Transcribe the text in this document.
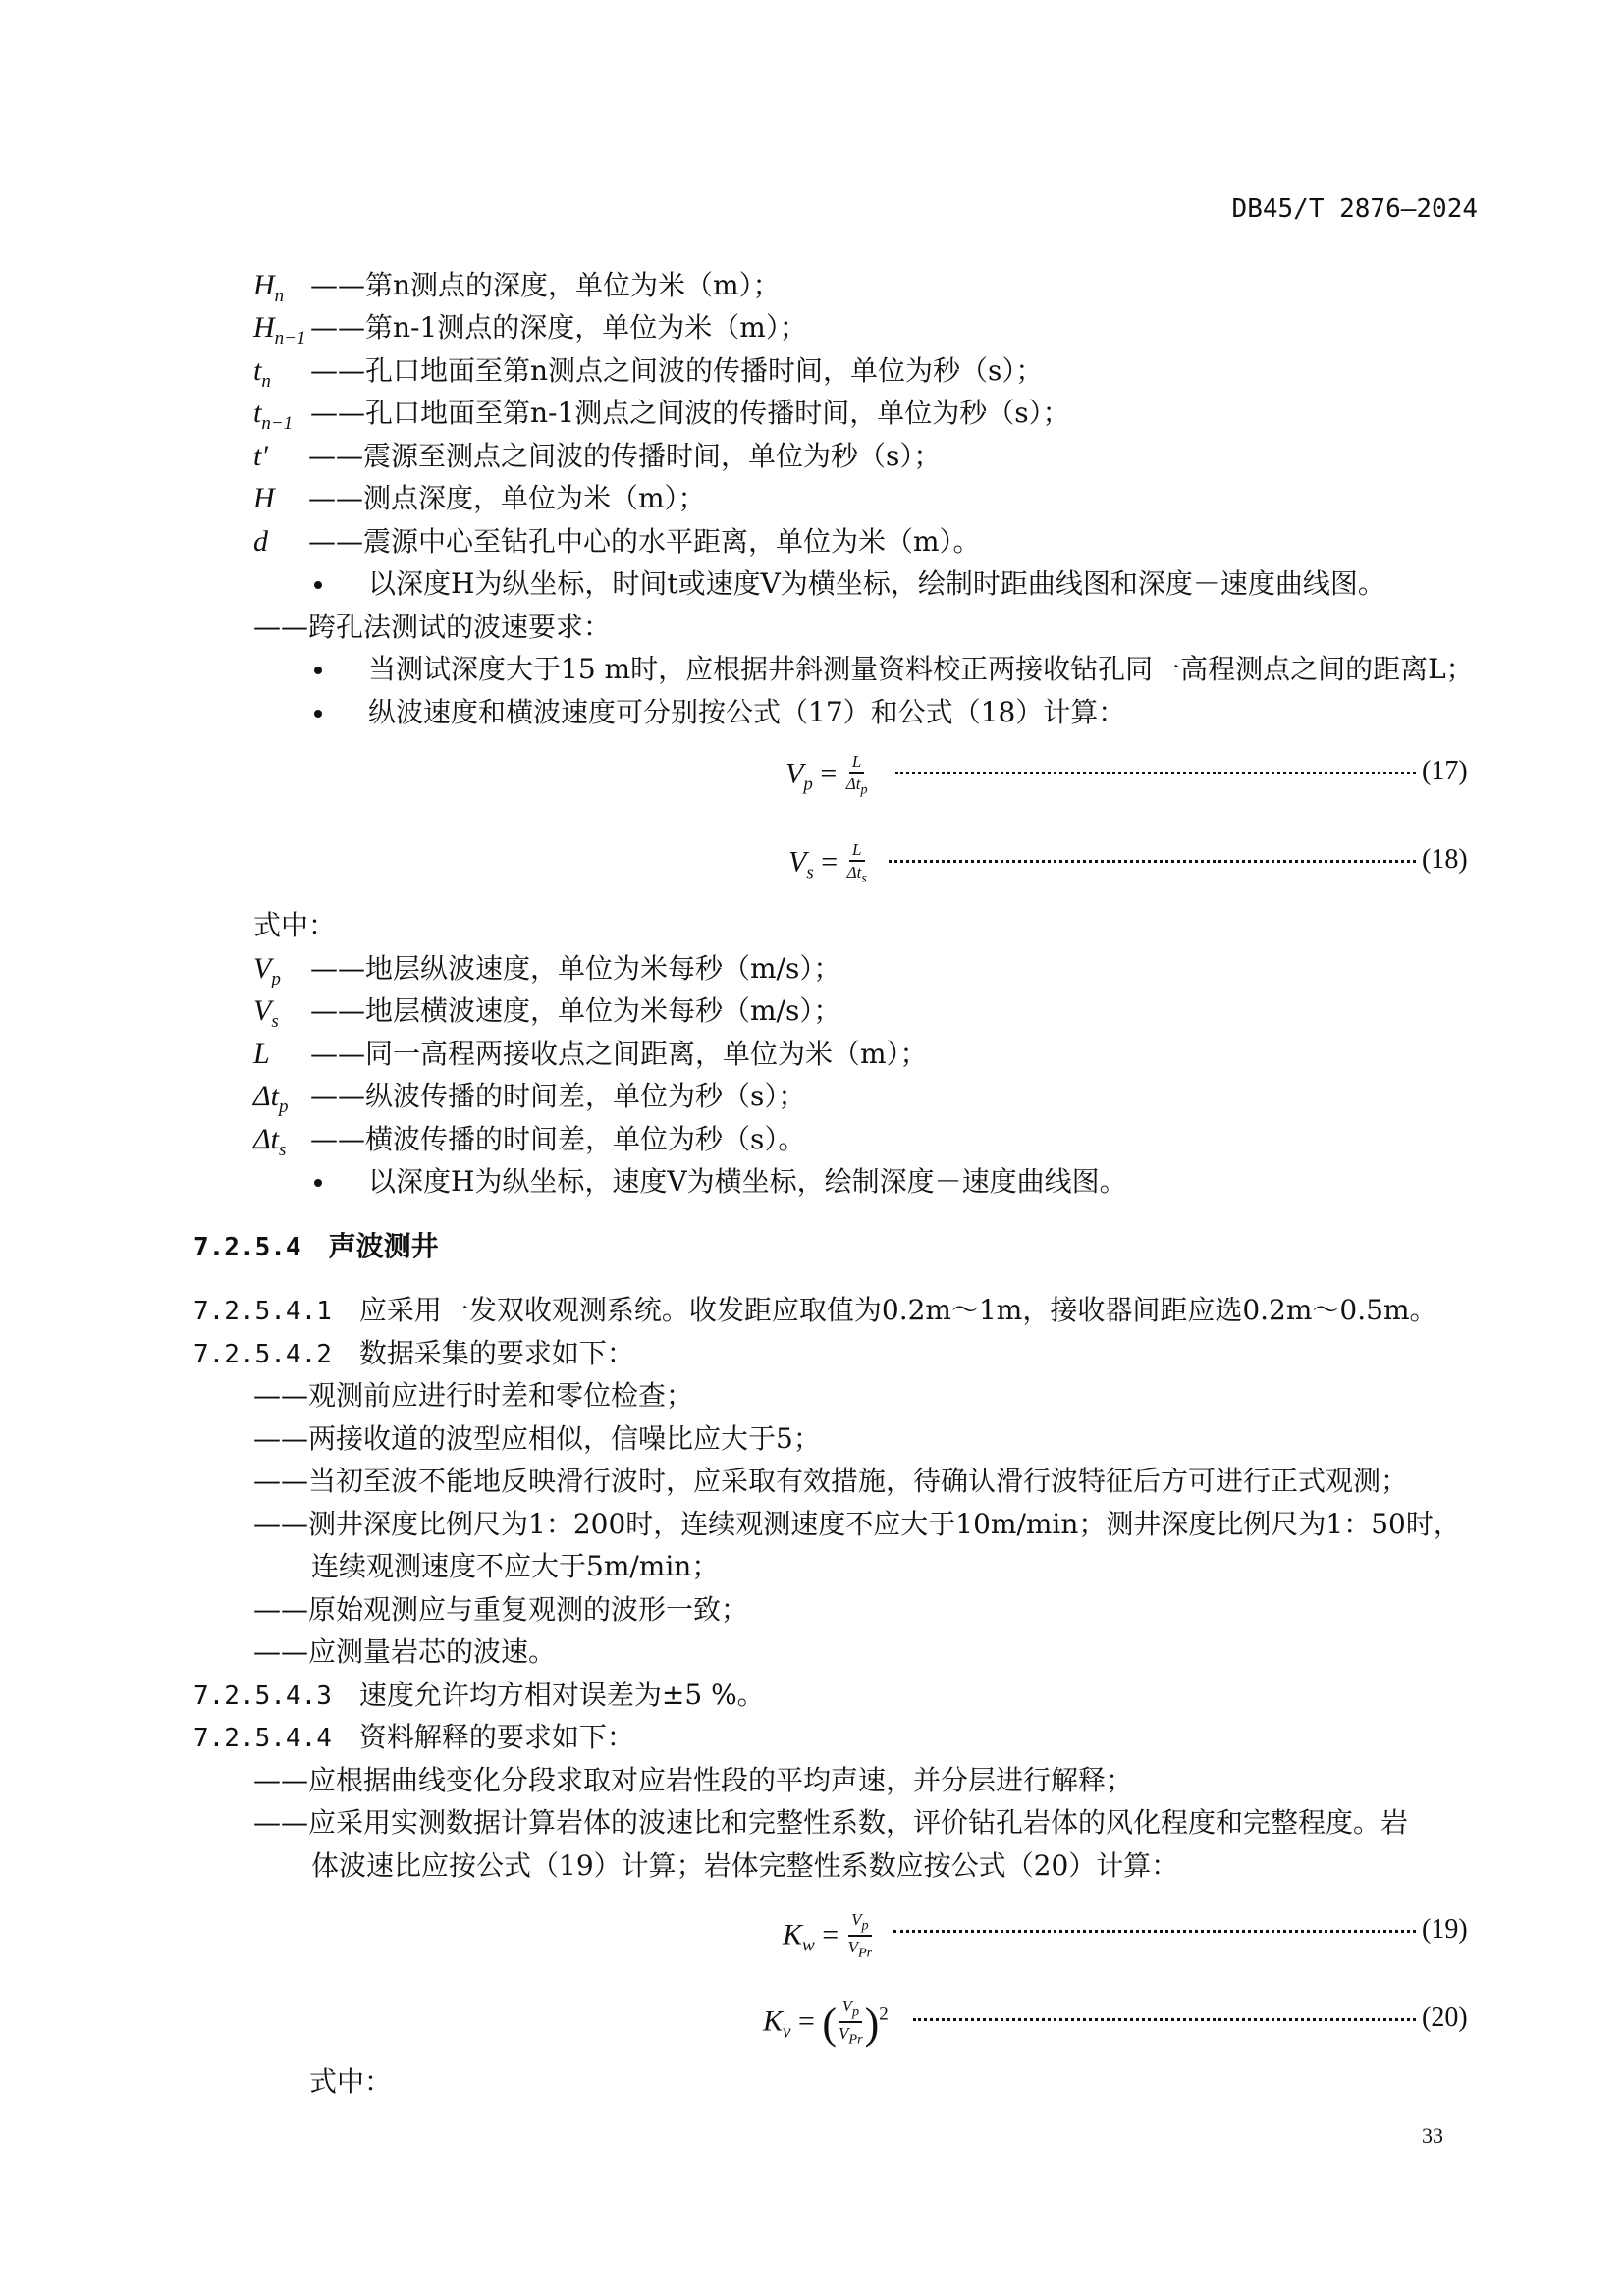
DB45/T 2876—2024
$H_n$ ——第n测点的深度，单位为米（m）；
$H_{n-1}$ ——第n-1测点的深度，单位为米（m）；
$t_n$ ——孔口地面至第n测点之间波的传播时间，单位为秒（s）；
$t_{n-1}$ ——孔口地面至第n-1测点之间波的传播时间，单位为秒（s）；
t′ ——震源至测点之间波的传播时间，单位为秒（s）；
H ——测点深度，单位为米（m）；
d ——震源中心至钻孔中心的水平距离，单位为米（m）。
以深度H为纵坐标，时间t或速度V为横坐标，绘制时距曲线图和深度－速度曲线图。
——跨孔法测试的波速要求：
当测试深度大于15 m时，应根据井斜测量资料校正两接收钻孔同一高程测点之间的距离L；
纵波速度和横波速度可分别按公式（17）和公式（18）计算：
$V_p = \frac{L}{\Delta t_p}$	(17)
$V_s = \frac{L}{\Delta t_s}$	(18)
式中：
$V_p$ ——地层纵波速度，单位为米每秒（m/s）；
$V_s$ ——地层横波速度，单位为米每秒（m/s）；
L ——同一高程两接收点之间距离，单位为米（m）；
$\Delta t_p$ ——纵波传播的时间差，单位为秒（s）；
$\Delta t_s$ ——横波传播的时间差，单位为秒（s）。
以深度H为纵坐标，速度V为横坐标，绘制深度－速度曲线图。
7.2.5.4 声波测井
7.2.5.4.1 应采用一发双收观测系统。收发距应取值为0.2m～1m，接收器间距应选0.2m～0.5m。
7.2.5.4.2 数据采集的要求如下：
——观测前应进行时差和零位检查；
——两接收道的波型应相似，信噪比应大于5；
——当初至波不能地反映滑行波时，应采取有效措施，待确认滑行波特征后方可进行正式观测；
——测井深度比例尺为1：200时，连续观测速度不应大于10m/min；测井深度比例尺为1：50时，
连续观测速度不应大于5m/min；
——原始观测应与重复观测的波形一致；
——应测量岩芯的波速。
7.2.5.4.3 速度允许均方相对误差为±5 %。
7.2.5.4.4 资料解释的要求如下：
——应根据曲线变化分段求取对应岩性段的平均声速，并分层进行解释；
——应采用实测数据计算岩体的波速比和完整性系数，评价钻孔岩体的风化程度和完整程度。岩
体波速比应按公式（19）计算；岩体完整性系数应按公式（20）计算：
$K_w = \frac{V_p}{V_{Pr}}$	(19)
$K_v$ = ( $\frac{V_p}{V_{Pr}} )^2$	(20)
式中：
33
